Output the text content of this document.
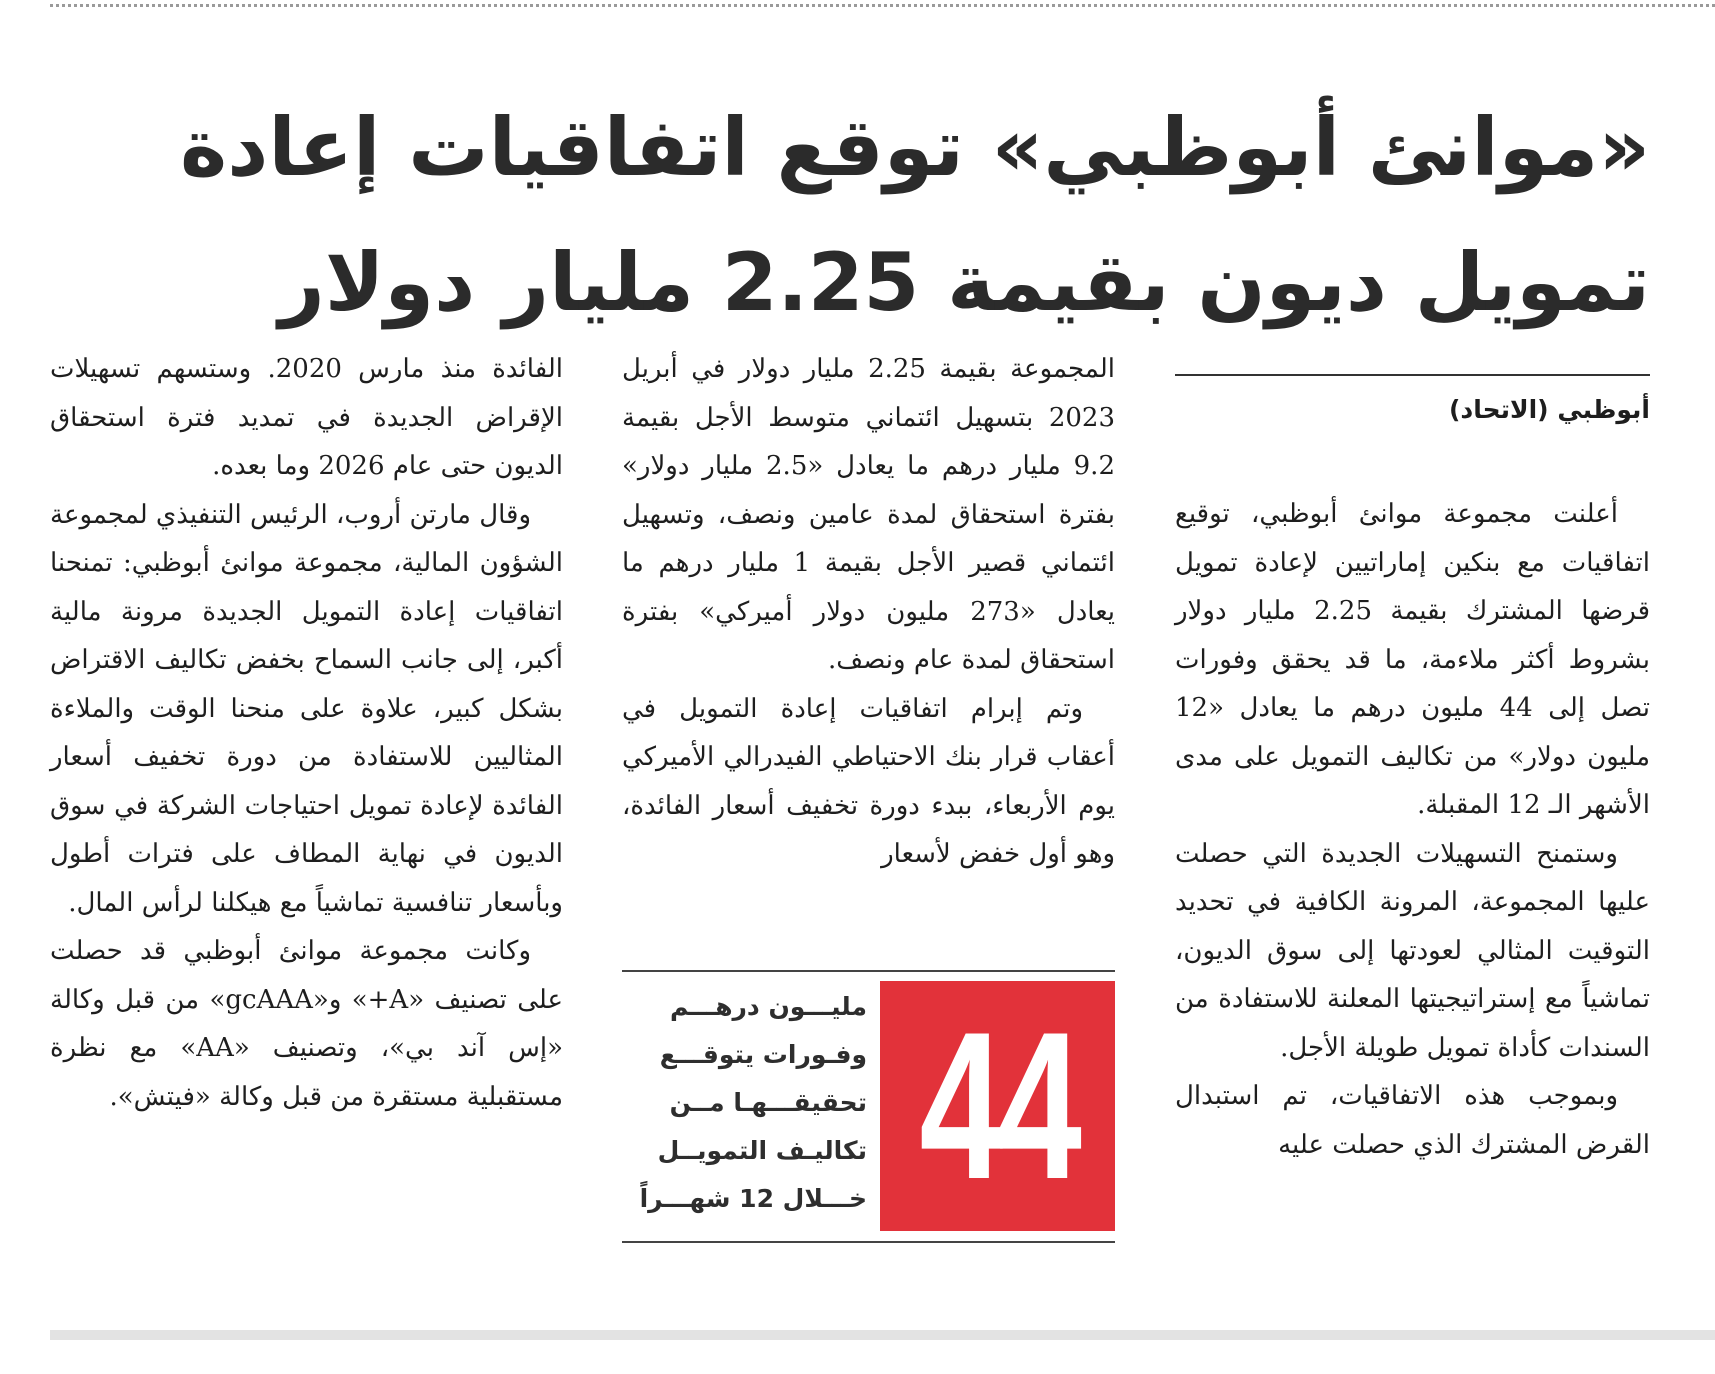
«موانئ أبوظبي» توقع اتفاقيات إعادة تمويل ديون بقيمة 2.25 مليار دولار
أبوظبي (الاتحاد)

أعلنت مجموعة موانئ أبوظبي، توقيع اتفاقيات مع بنكين إماراتيين لإعادة تمويل قرضها المشترك بقيمة 2.25 مليار دولار بشروط أكثر ملاءمة، ما قد يحقق وفورات تصل إلى 44 مليون درهم ما يعادل «12 مليون دولار» من تكاليف التمويل على مدى الأشهر الـ 12 المقبلة.

وستمنح التسهيلات الجديدة التي حصلت عليها المجموعة، المرونة الكافية في تحديد التوقيت المثالي لعودتها إلى سوق الديون، تماشياً مع إستراتيجيتها المعلنة للاستفادة من السندات كأداة تمويل طويلة الأجل.

وبموجب هذه الاتفاقيات، تم استبدال القرض المشترك الذي حصلت عليه

المجموعة بقيمة 2.25 مليار دولار في أبريل 2023 بتسهيل ائتماني متوسط الأجل بقيمة 9.2 مليار درهم ما يعادل «2.5 مليار دولار» بفترة استحقاق لمدة عامين ونصف، وتسهيل ائتماني قصير الأجل بقيمة 1 مليار درهم ما يعادل «273 مليون دولار أميركي» بفترة استحقاق لمدة عام ونصف.

وتم إبرام اتفاقيات إعادة التمويل في أعقاب قرار بنك الاحتياطي الفيدرالي الأميركي يوم الأربعاء، ببدء دورة تخفيف أسعار الفائدة، وهو أول خفض لأسعار

44
مليـــون درهـــم
وفـورات يتوقـــع
تحقيقـــهـا مــن
تكاليـف التمويــل
خـــلال 12 شهـــراً

الفائدة منذ مارس 2020. وستسهم تسهيلات الإقراض الجديدة في تمديد فترة استحقاق الديون حتى عام 2026 وما بعده.

وقال مارتن أروب، الرئيس التنفيذي لمجموعة الشؤون المالية، مجموعة موانئ أبوظبي: تمنحنا اتفاقيات إعادة التمويل الجديدة مرونة مالية أكبر، إلى جانب السماح بخفض تكاليف الاقتراض بشكل كبير، علاوة على منحنا الوقت والملاءة المثاليين للاستفادة من دورة تخفيف أسعار الفائدة لإعادة تمويل احتياجات الشركة في سوق الديون في نهاية المطاف على فترات أطول وبأسعار تنافسية تماشياً مع هيكلنا لرأس المال.

وكانت مجموعة موانئ أبوظبي قد حصلت على تصنيف «A+» و«gcAAA» من قبل وكالة «إس آند بي»، وتصنيف «AA» مع نظرة مستقبلية مستقرة من قبل وكالة «فيتش».
